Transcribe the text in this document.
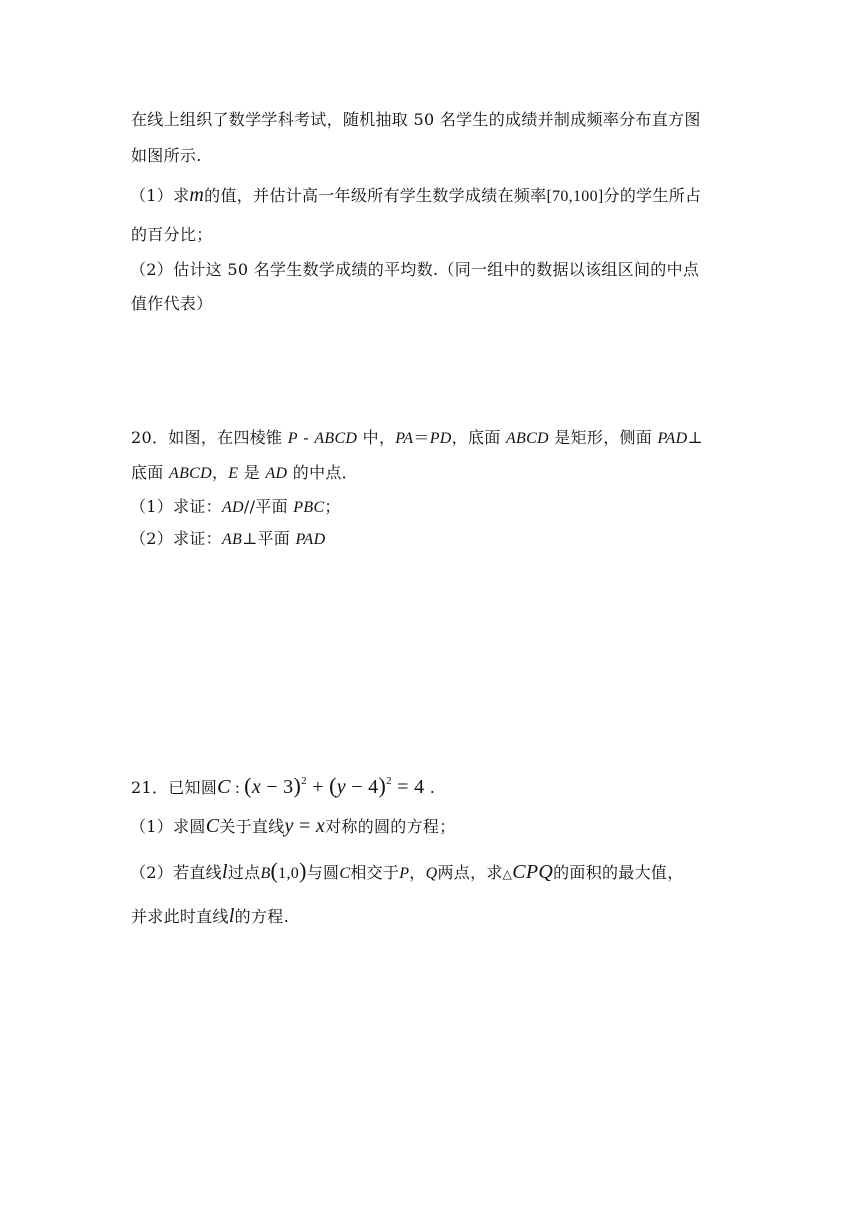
在线上组织了数学学科考试，随机抽取 50 名学生的成绩并制成频率分布直方图
如图所示.
（1）求m的值，并估计高一年级所有学生数学成绩在频率[70,100]分的学生所占
的百分比；
（2）估计这 50 名学生数学成绩的平均数.（同一组中的数据以该组区间的中点
值作代表）
20．如图，在四棱锥 P - ABCD 中，PA＝PD，底面 ABCD 是矩形，侧面 PAD⊥
底面 ABCD，E 是 AD 的中点．
（1）求证：AD//平面 PBC；
（2）求证：AB⊥平面 PAD
21．已知圆C : $(x - 3)^2 + (y - 4)^2 = 4$ .
（1）求圆C关于直线y = x对称的圆的方程；
（2）若直线l过点B(1,0)与圆C相交于P，Q两点，求△CPQ的面积的最大值，
并求此时直线l的方程.
